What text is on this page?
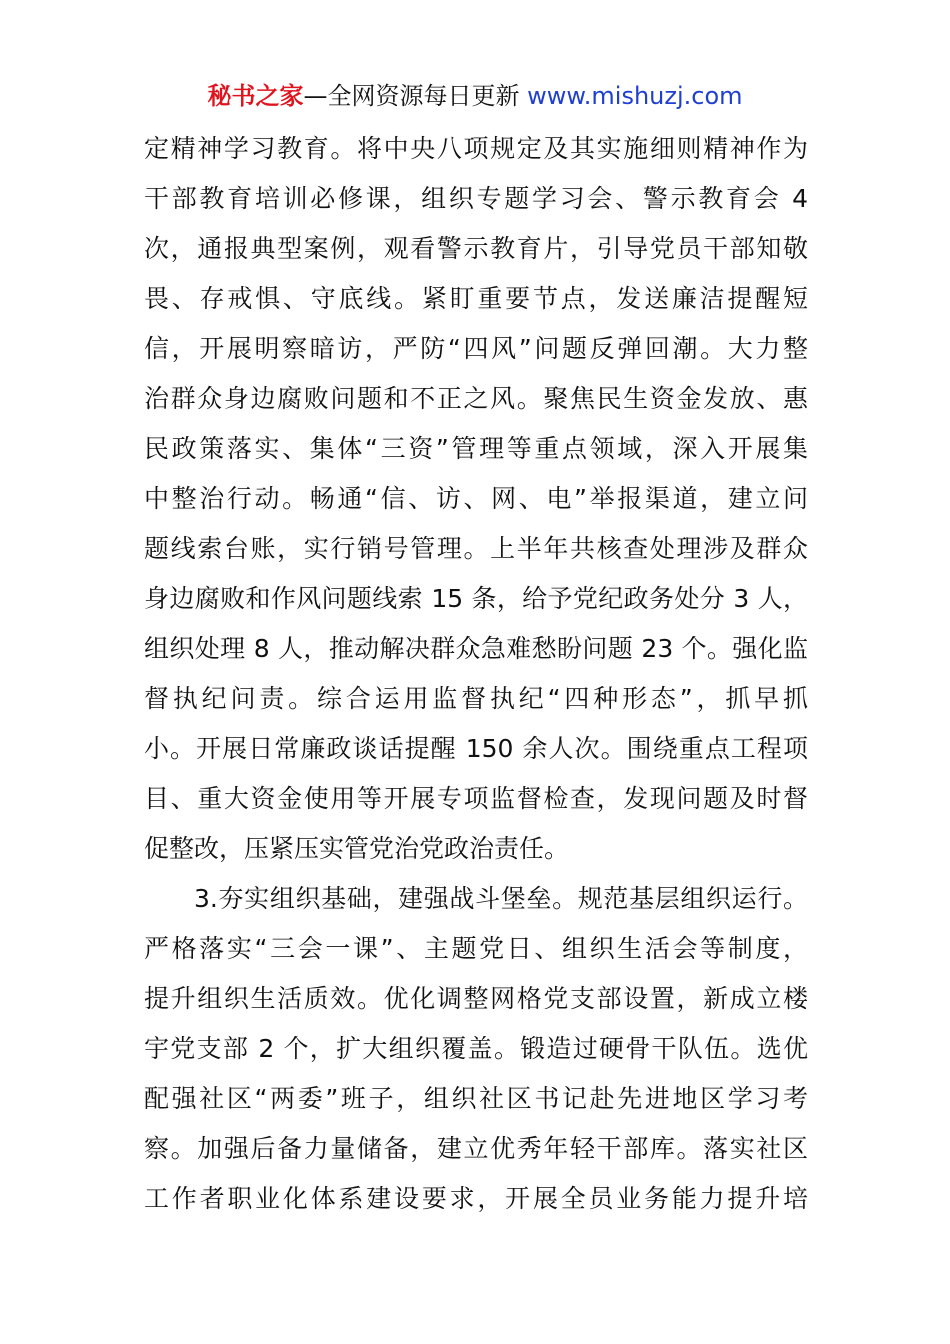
秘书之家—全网资源每日更新 www.mishuzj.com
定精神学习教育。将中央八项规定及其实施细则精神作为
干部教育培训必修课，组织专题学习会、警示教育会 4
次，通报典型案例，观看警示教育片，引导党员干部知敬
畏、存戒惧、守底线。紧盯重要节点，发送廉洁提醒短
信，开展明察暗访，严防“四风”问题反弹回潮。大力整
治群众身边腐败问题和不正之风。聚焦民生资金发放、惠
民政策落实、集体“三资”管理等重点领域，深入开展集
中整治行动。畅通“信、访、网、电”举报渠道，建立问
题线索台账，实行销号管理。上半年共核查处理涉及群众
身边腐败和作风问题线索 15 条，给予党纪政务处分 3 人，
组织处理 8 人，推动解决群众急难愁盼问题 23 个。强化监
督执纪问责。综合运用监督执纪“四种形态”，抓早抓
小。开展日常廉政谈话提醒 150 余人次。围绕重点工程项
目、重大资金使用等开展专项监督检查，发现问题及时督
促整改，压紧压实管党治党政治责任。
3.夯实组织基础，建强战斗堡垒。规范基层组织运行。
严格落实“三会一课”、主题党日、组织生活会等制度，
提升组织生活质效。优化调整网格党支部设置，新成立楼
宇党支部 2 个，扩大组织覆盖。锻造过硬骨干队伍。选优
配强社区“两委”班子，组织社区书记赴先进地区学习考
察。加强后备力量储备，建立优秀年轻干部库。落实社区
工作者职业化体系建设要求，开展全员业务能力提升培
